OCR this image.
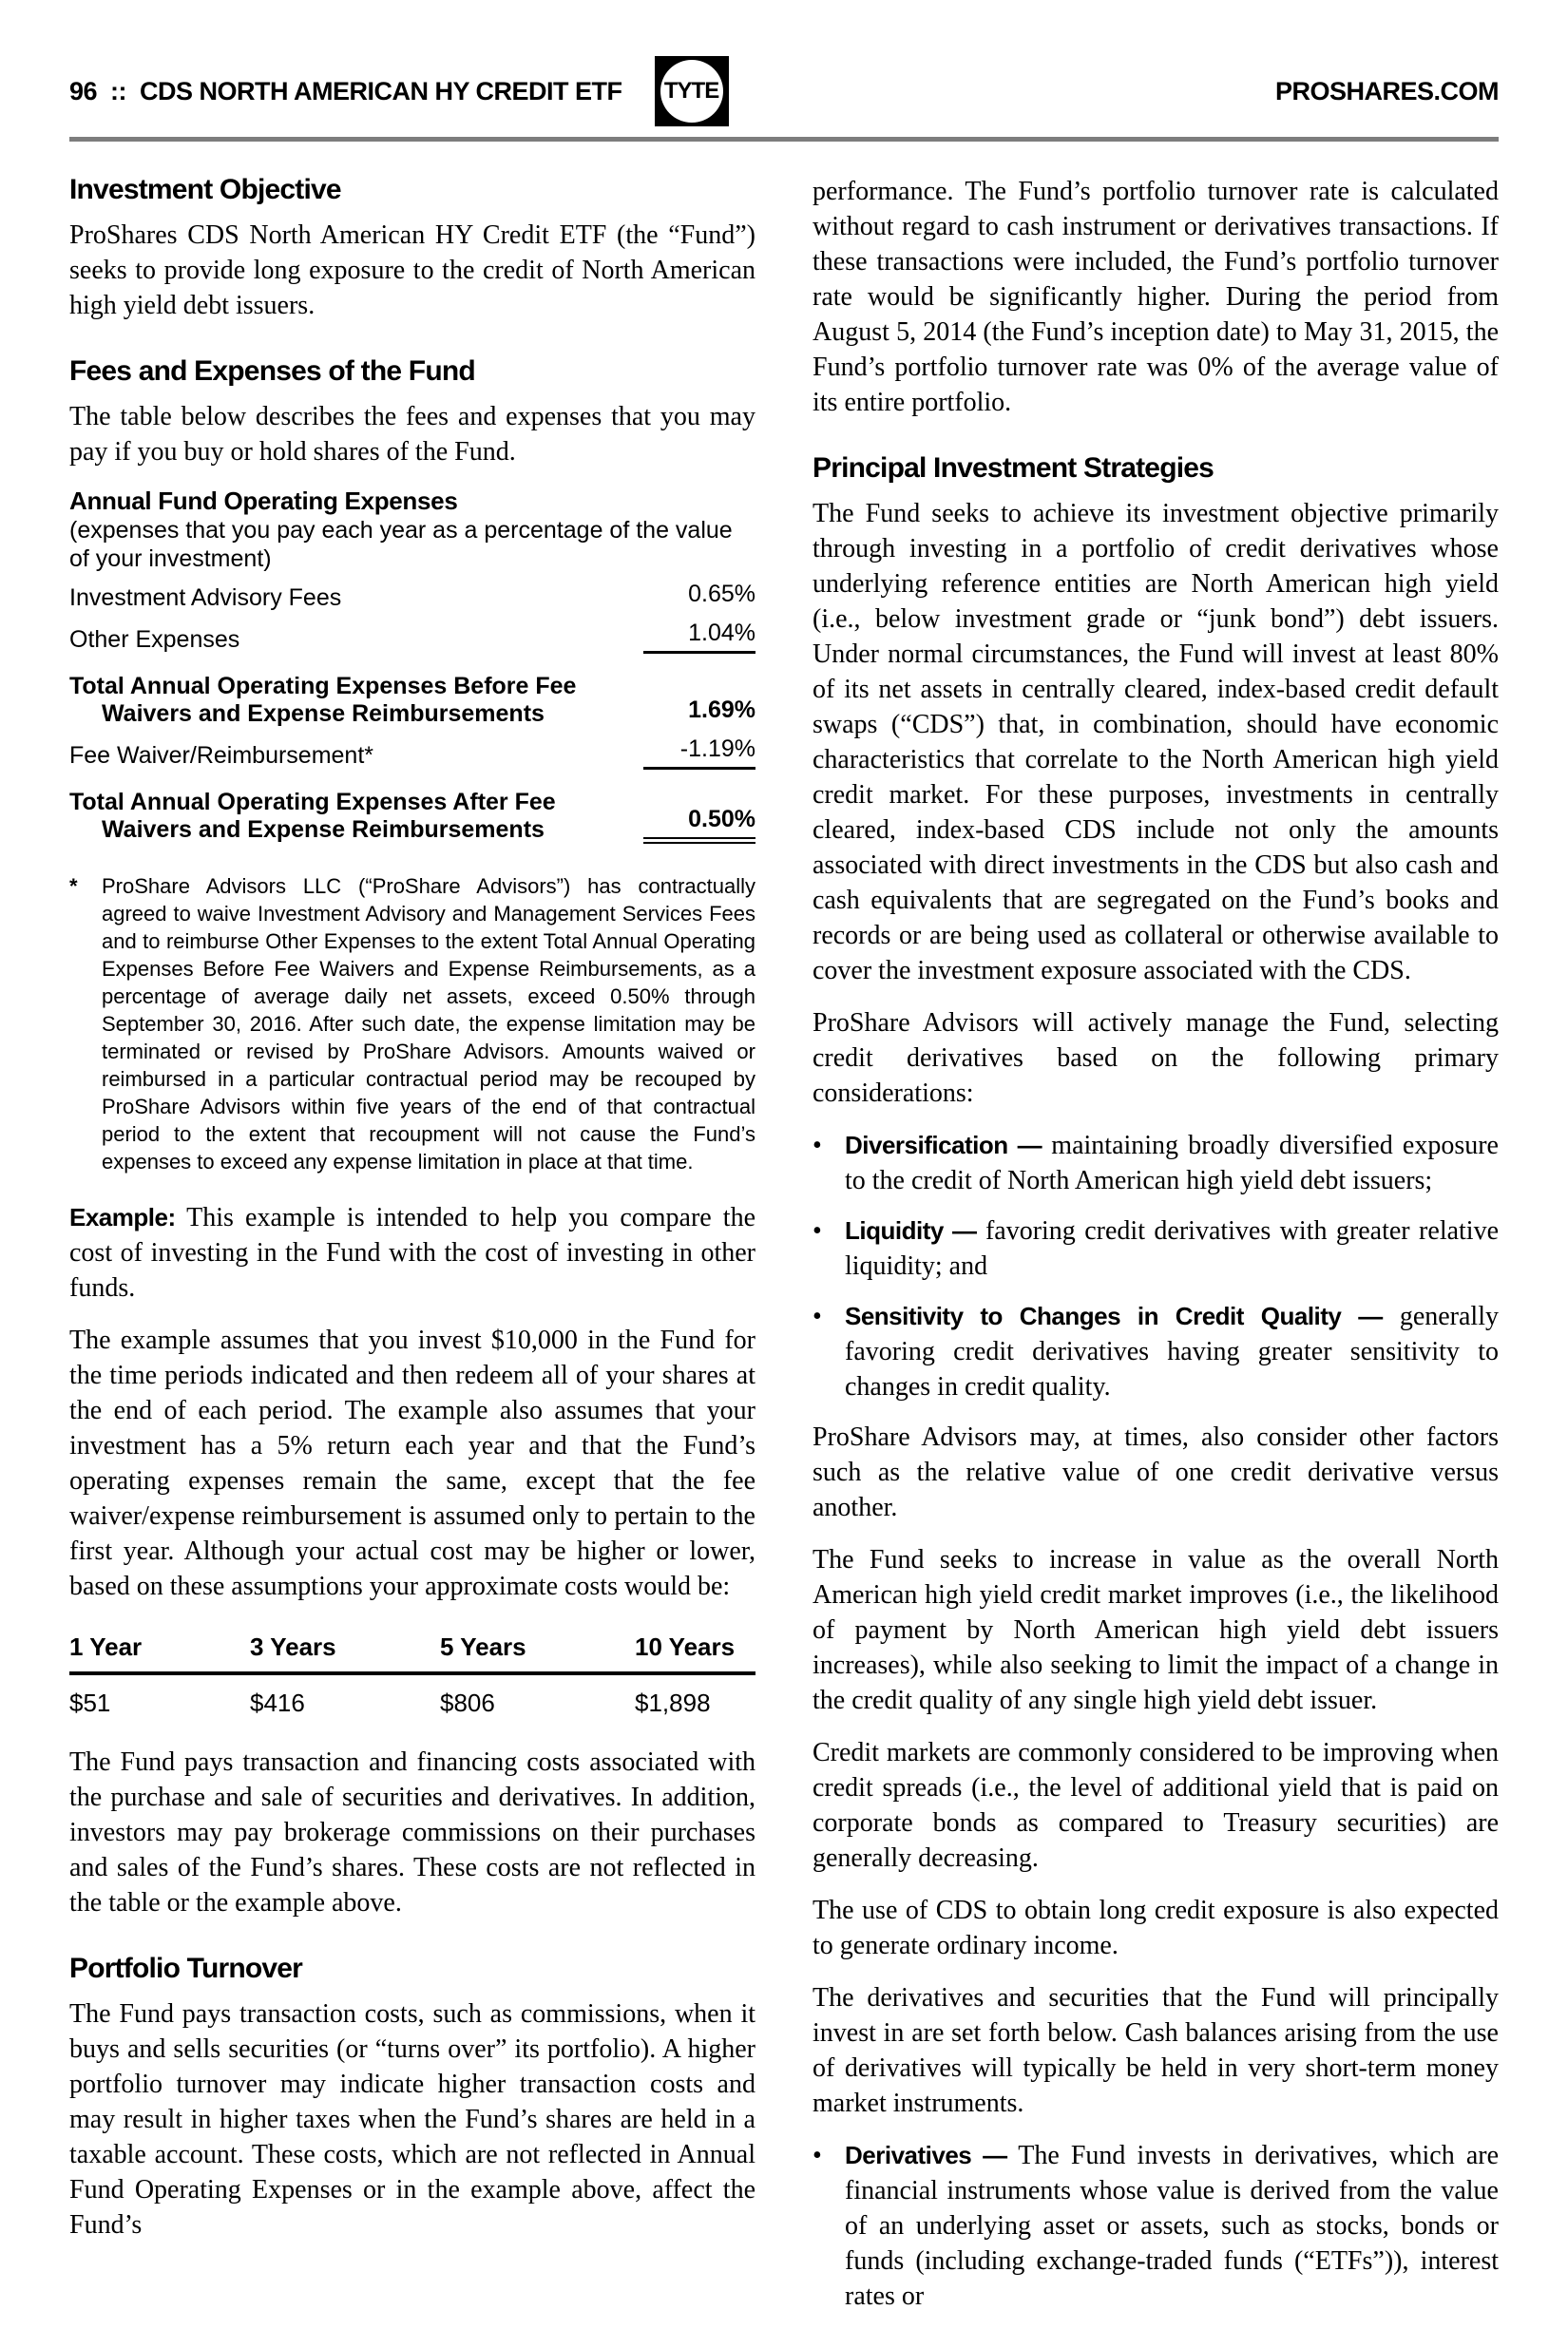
96 :: CDS NORTH AMERICAN HY CREDIT ETF TYTE	PROSHARES.COM
Investment Objective

ProShares CDS North American HY Credit ETF (the “Fund”) seeks to provide long exposure to the credit of North American high yield debt issuers.

Fees and Expenses of the Fund

The table below describes the fees and expenses that you may pay if you buy or hold shares of the Fund.

Annual Fund Operating Expenses
(expenses that you pay each year as a percentage of the value of your investment)
Investment Advisory Fees	0.65%
Other Expenses	1.04%
Total Annual Operating Expenses Before Fee Waivers and Expense Reimbursements	1.69%
Fee Waiver/Reimbursement*	-1.19%
Total Annual Operating Expenses After Fee Waivers and Expense Reimbursements	0.50%
*	ProShare Advisors LLC (“ProShare Advisors”) has contractually agreed to waive Investment Advisory and Management Services Fees and to reimburse Other Expenses to the extent Total Annual Operating Expenses Before Fee Waivers and Expense Reimbursements, as a percentage of average daily net assets, exceed 0.50% through September 30, 2016. After such date, the expense limitation may be terminated or revised by ProShare Advisors. Amounts waived or reimbursed in a particular contractual period may be recouped by ProShare Advisors within five years of the end of that contractual period to the extent that recoupment will not cause the Fund’s expenses to exceed any expense limitation in place at that time.

Example: This example is intended to help you compare the cost of investing in the Fund with the cost of investing in other funds.

The example assumes that you invest $10,000 in the Fund for the time periods indicated and then redeem all of your shares at the end of each period. The example also assumes that your investment has a 5% return each year and that the Fund’s operating expenses remain the same, except that the fee waiver/expense reimbursement is assumed only to pertain to the first year. Although your actual cost may be higher or lower, based on these assumptions your approximate costs would be:

1 Year	3 Years	5 Years	10 Years
$51	$416	$806	$1,898

The Fund pays transaction and financing costs associated with the purchase and sale of securities and derivatives. In addition, investors may pay brokerage commissions on their purchases and sales of the Fund’s shares. These costs are not reflected in the table or the example above.

Portfolio Turnover

The Fund pays transaction costs, such as commissions, when it buys and sells securities (or “turns over” its portfolio). A higher portfolio turnover may indicate higher transaction costs and may result in higher taxes when the Fund’s shares are held in a taxable account. These costs, which are not reflected in Annual Fund Operating Expenses or in the example above, affect the Fund’s

performance. The Fund’s portfolio turnover rate is calculated without regard to cash instrument or derivatives transactions. If these transactions were included, the Fund’s portfolio turnover rate would be significantly higher. During the period from August 5, 2014 (the Fund’s inception date) to May 31, 2015, the Fund’s portfolio turnover rate was 0% of the average value of its entire portfolio.

Principal Investment Strategies

The Fund seeks to achieve its investment objective primarily through investing in a portfolio of credit derivatives whose underlying reference entities are North American high yield (i.e., below investment grade or “junk bond”) debt issuers. Under normal circumstances, the Fund will invest at least 80% of its net assets in centrally cleared, index-based credit default swaps (“CDS”) that, in combination, should have economic characteristics that correlate to the North American high yield credit market. For these purposes, investments in centrally cleared, index-based CDS include not only the amounts associated with direct investments in the CDS but also cash and cash equivalents that are segregated on the Fund’s books and records or are being used as collateral or otherwise available to cover the investment exposure associated with the CDS.

ProShare Advisors will actively manage the Fund, selecting credit derivatives based on the following primary considerations:

• Diversification — maintaining broadly diversified exposure to the credit of North American high yield debt issuers;
• Liquidity — favoring credit derivatives with greater relative liquidity; and
• Sensitivity to Changes in Credit Quality — generally favoring credit derivatives having greater sensitivity to changes in credit quality.

ProShare Advisors may, at times, also consider other factors such as the relative value of one credit derivative versus another.

The Fund seeks to increase in value as the overall North American high yield credit market improves (i.e., the likelihood of payment by North American high yield debt issuers increases), while also seeking to limit the impact of a change in the credit quality of any single high yield debt issuer.

Credit markets are commonly considered to be improving when credit spreads (i.e., the level of additional yield that is paid on corporate bonds as compared to Treasury securities) are generally decreasing.

The use of CDS to obtain long credit exposure is also expected to generate ordinary income.

The derivatives and securities that the Fund will principally invest in are set forth below. Cash balances arising from the use of derivatives will typically be held in very short-term money market instruments.

• Derivatives — The Fund invests in derivatives, which are financial instruments whose value is derived from the value of an underlying asset or assets, such as stocks, bonds or funds (including exchange-traded funds (“ETFs”)), interest rates or
